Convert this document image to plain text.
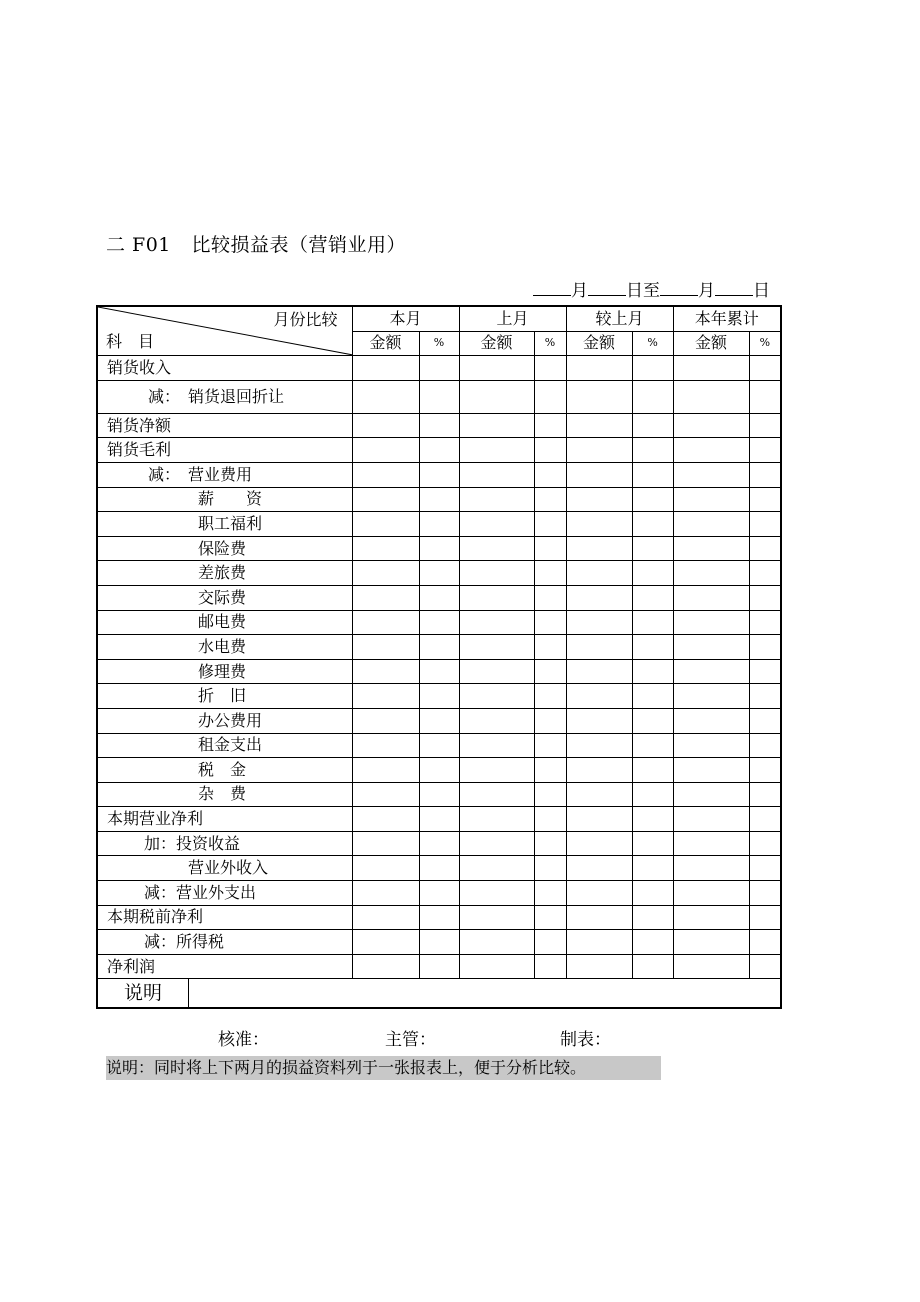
二 F01 比较损益表（营销业用）
月 日至 月 日
月份比较
科　目	本月		上月		较上月		本年累计	
	金额	%	金额	%	金额	%	金额	%
销货收入								
减：　销货退回折让								
销货净额								
销货毛利								
减：　营业费用								
薪　　资								
职工福利								
保险费								
差旅费								
交际费								
邮电费								
水电费								
修理费								
折　旧								
办公费用								
租金支出								
税　金								
杂　费								
本期营业净利								
加：投资收益								
营业外收入								
减：营业外支出								
本期税前净利								
减：所得税								
净利润								

说明								

核准：	主管：	制表：
说明：同时将上下两月的损益资料列于一张报表上，便于分析比较。
